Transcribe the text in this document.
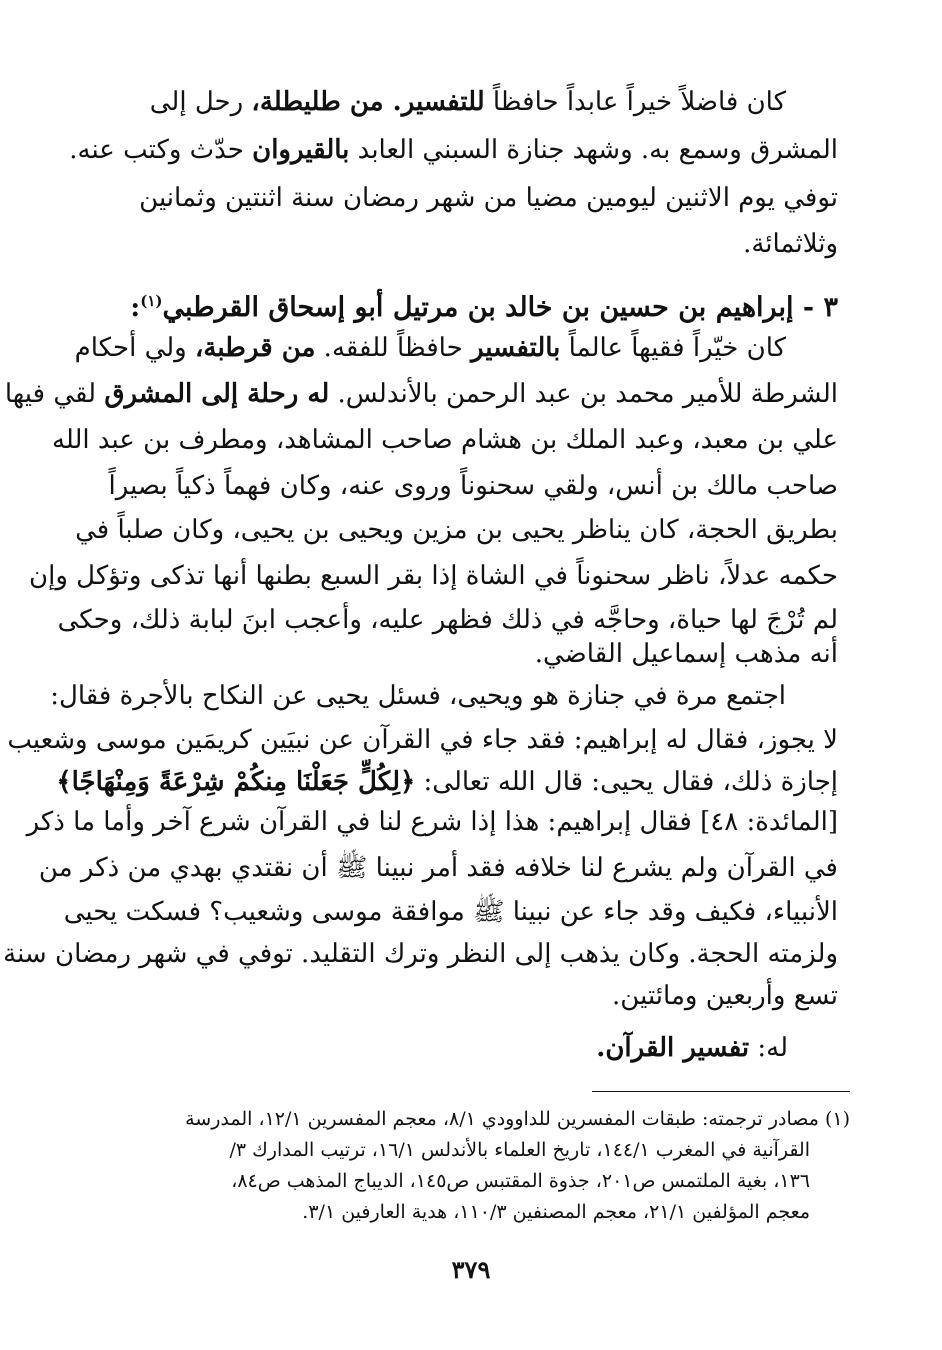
كان فاضلاً خيراً عابداً حافظاً للتفسير. من طليطلة، رحل إلى
المشرق وسمع به. وشهد جنازة السبني العابد بالقيروان حدّث وكتب عنه.
توفي يوم الاثنين ليومين مضيا من شهر رمضان سنة اثنتين وثمانين
وثلاثمائة.
٣ - إبراهيم بن حسين بن خالد بن مرتيل أبو إسحاق القرطبي$^{(١)}$:
كان خيّراً فقيهاً عالماً بالتفسير حافظاً للفقه. من قرطبة، ولي أحكام
الشرطة للأمير محمد بن عبد الرحمن بالأندلس. له رحلة إلى المشرق لقي فيها
علي بن معبد، وعبد الملك بن هشام صاحب المشاهد، ومطرف بن عبد الله
صاحب مالك بن أنس، ولقي سحنوناً وروى عنه، وكان فهماً ذكياً بصيراً
بطريق الحجة، كان يناظر يحيى بن مزين ويحيى بن يحيى، وكان صلباً في
حكمه عدلاً، ناظر سحنوناً في الشاة إذا بقر السبع بطنها أنها تذكى وتؤكل وإن
لم تُرْجَ لها حياة، وحاجَّه في ذلك فظهر عليه، وأعجب ابنَ لبابة ذلك، وحكى
أنه مذهب إسماعيل القاضي.
اجتمع مرة في جنازة هو ويحيى، فسئل يحيى عن النكاح بالأجرة فقال:
لا يجوز، فقال له إبراهيم: فقد جاء في القرآن عن نبيَين كريمَين موسى وشعيب
إجازة ذلك، فقال يحيى: قال الله تعالى: ﴿لِكُلٍّ جَعَلْنَا مِنكُمْ شِرْعَةً وَمِنْهَاجًا﴾
[المائدة: ٤٨] فقال إبراهيم: هذا إذا شرع لنا في القرآن شرع آخر وأما ما ذكر
في القرآن ولم يشرع لنا خلافه فقد أمر نبينا ﷺ أن نقتدي بهدي من ذكر من
الأنبياء، فكيف وقد جاء عن نبينا ﷺ موافقة موسى وشعيب؟ فسكت يحيى
ولزمته الحجة. وكان يذهب إلى النظر وترك التقليد. توفي في شهر رمضان سنة
تسع وأربعين ومائتين.
له: تفسير القرآن.
(١) مصادر ترجمته: طبقات المفسرين للداوودي ٨/١، معجم المفسرين ١٢/١، المدرسة
القرآنية في المغرب ١٤٤/١، تاريخ العلماء بالأندلس ١٦/١، ترتيب المدارك ٣/
١٣٦، بغية الملتمس ص٢٠١، جذوة المقتبس ص١٤٥، الديباج المذهب ص٨٤،
معجم المؤلفين ٢١/١، معجم المصنفين ١١٠/٣، هدية العارفين ٣/١.
٣٧٩
